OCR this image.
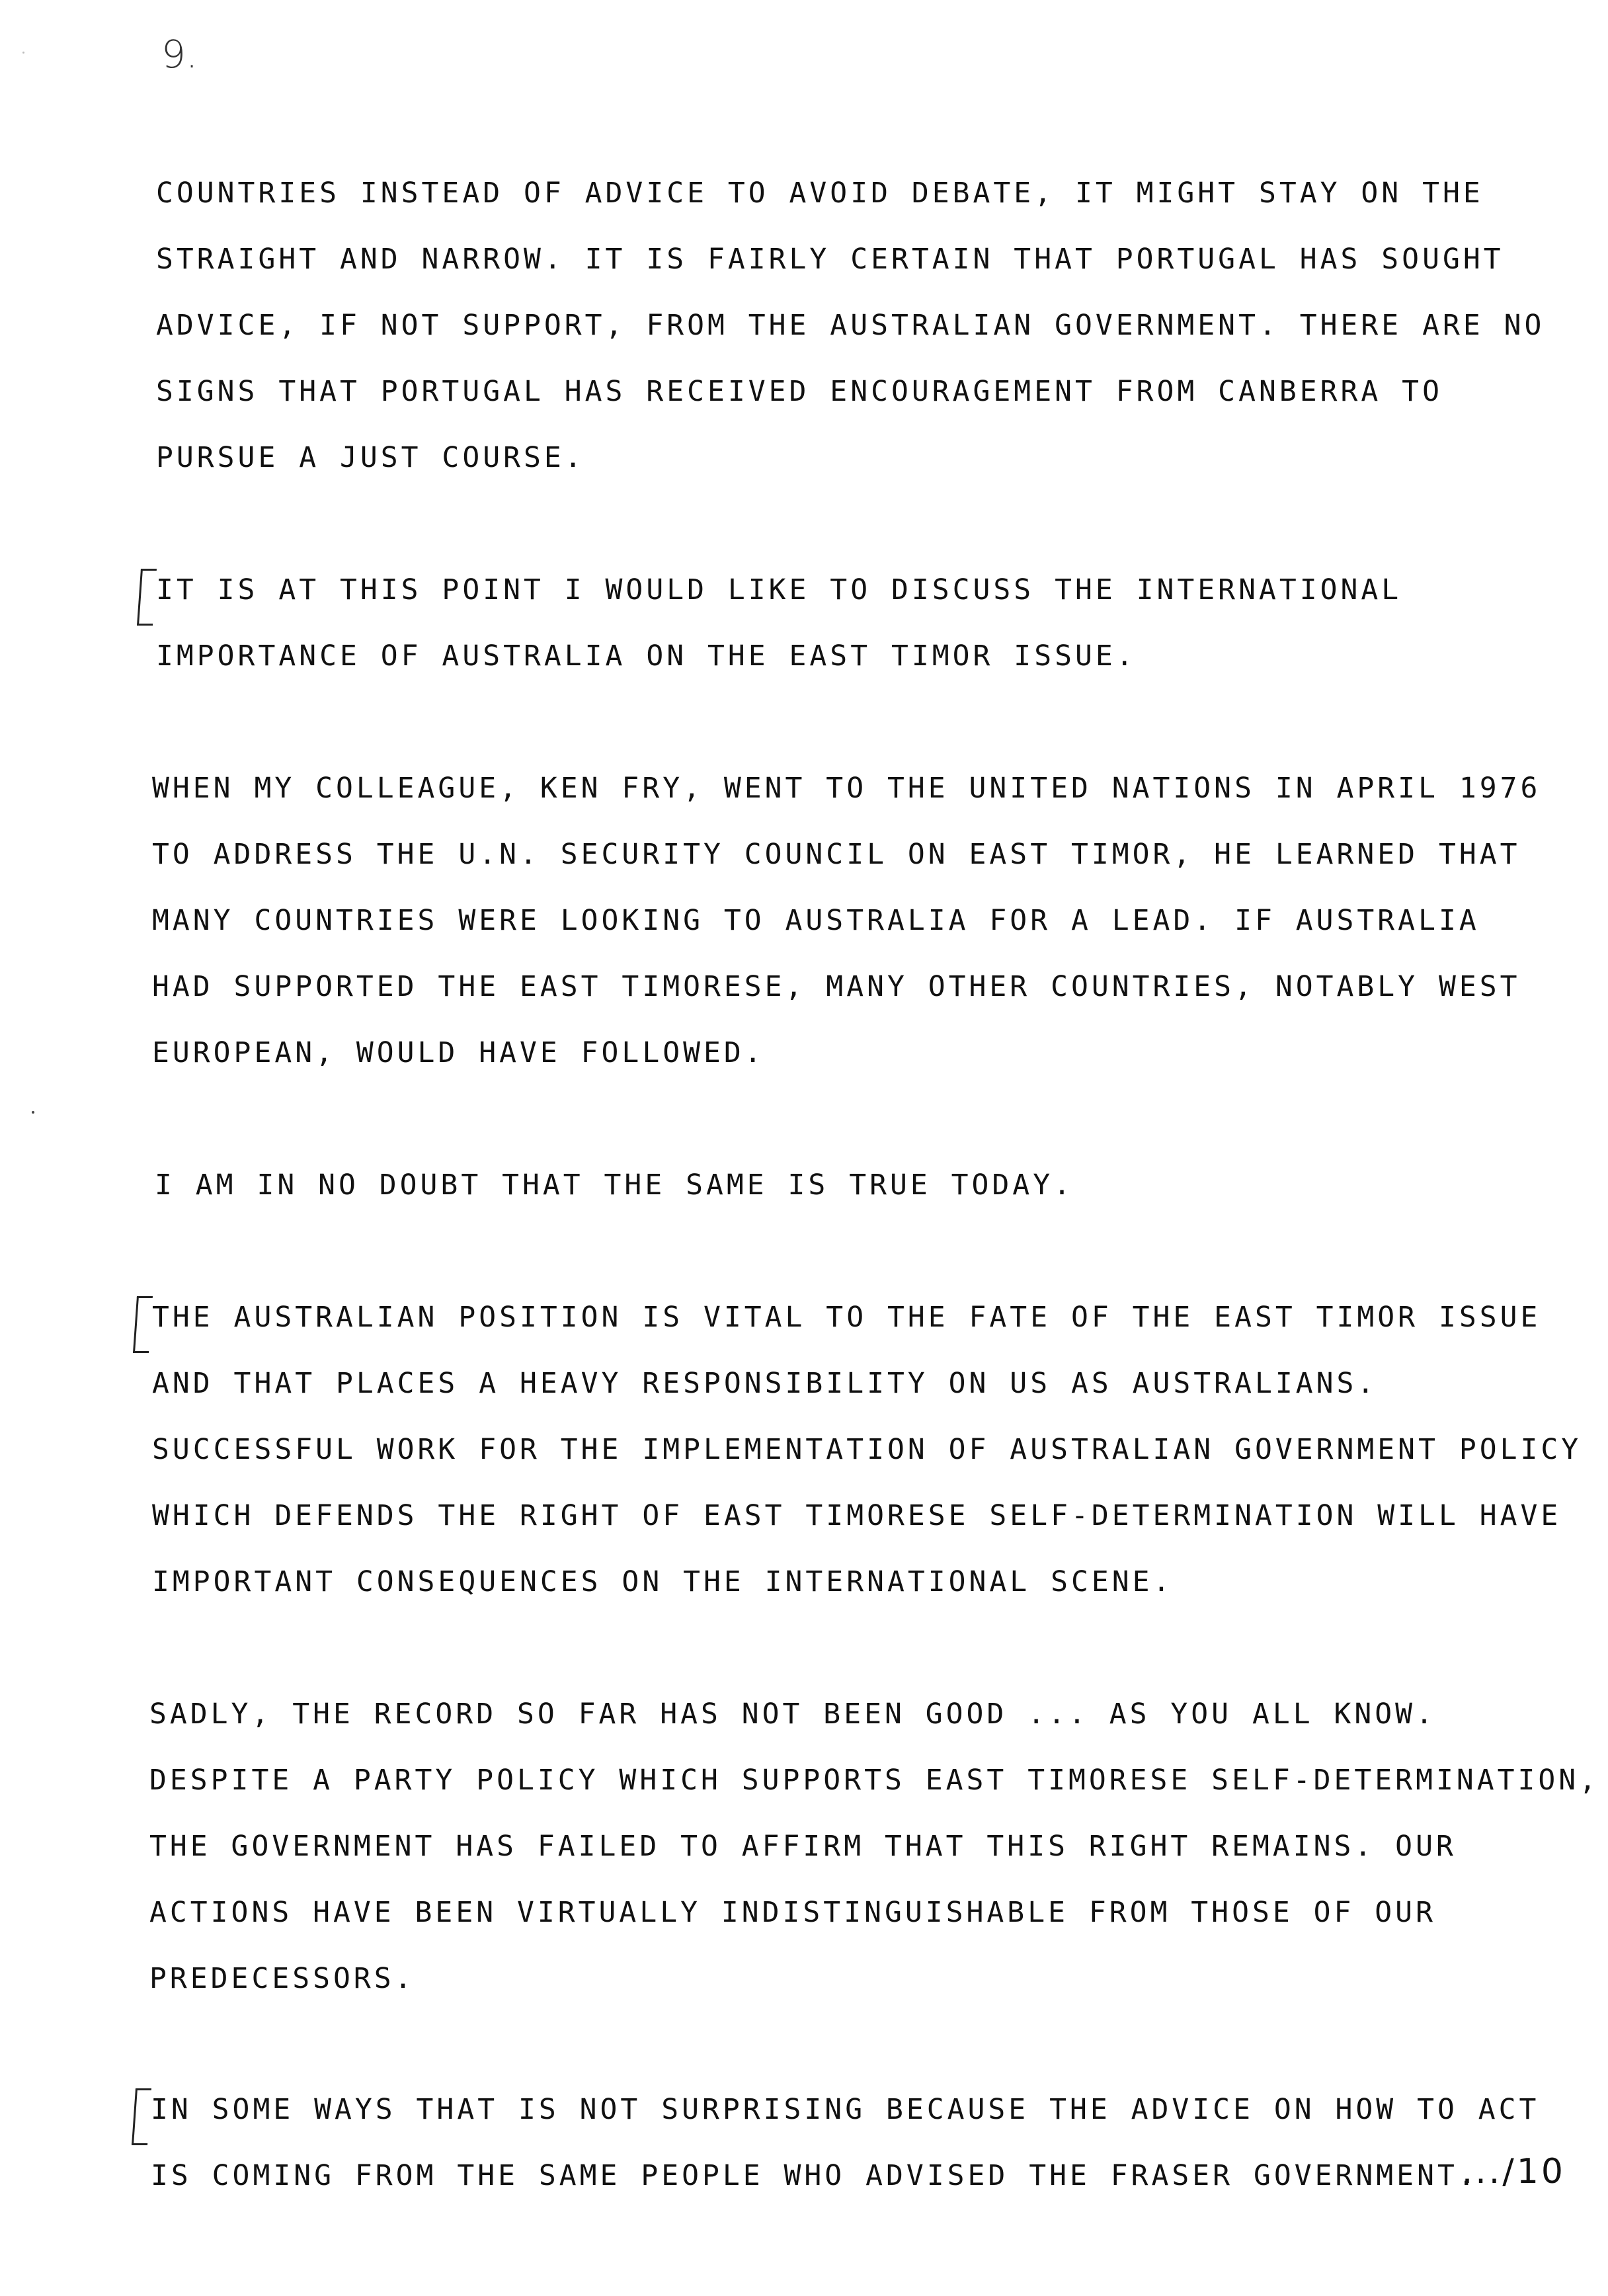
9.
COUNTRIES INSTEAD OF ADVICE TO AVOID DEBATE, IT MIGHT STAY ON THE
STRAIGHT AND NARROW. IT IS FAIRLY CERTAIN THAT PORTUGAL HAS SOUGHT
ADVICE, IF NOT SUPPORT, FROM THE AUSTRALIAN GOVERNMENT. THERE ARE NO
SIGNS THAT PORTUGAL HAS RECEIVED ENCOURAGEMENT FROM CANBERRA TO
PURSUE A JUST COURSE.
IT IS AT THIS POINT I WOULD LIKE TO DISCUSS THE INTERNATIONAL
IMPORTANCE OF AUSTRALIA ON THE EAST TIMOR ISSUE.
WHEN MY COLLEAGUE, KEN FRY, WENT TO THE UNITED NATIONS IN APRIL 1976
TO ADDRESS THE U.N. SECURITY COUNCIL ON EAST TIMOR, HE LEARNED THAT
MANY COUNTRIES WERE LOOKING TO AUSTRALIA FOR A LEAD. IF AUSTRALIA
HAD SUPPORTED THE EAST TIMORESE, MANY OTHER COUNTRIES, NOTABLY WEST
EUROPEAN, WOULD HAVE FOLLOWED.
I AM IN NO DOUBT THAT THE SAME IS TRUE TODAY.
THE AUSTRALIAN POSITION IS VITAL TO THE FATE OF THE EAST TIMOR ISSUE
AND THAT PLACES A HEAVY RESPONSIBILITY ON US AS AUSTRALIANS.
SUCCESSFUL WORK FOR THE IMPLEMENTATION OF AUSTRALIAN GOVERNMENT POLICY
WHICH DEFENDS THE RIGHT OF EAST TIMORESE SELF-DETERMINATION WILL HAVE
IMPORTANT CONSEQUENCES ON THE INTERNATIONAL SCENE.
SADLY, THE RECORD SO FAR HAS NOT BEEN GOOD ... AS YOU ALL KNOW.
DESPITE A PARTY POLICY WHICH SUPPORTS EAST TIMORESE SELF-DETERMINATION,
THE GOVERNMENT HAS FAILED TO AFFIRM THAT THIS RIGHT REMAINS. OUR
ACTIONS HAVE BEEN VIRTUALLY INDISTINGUISHABLE FROM THOSE OF OUR
PREDECESSORS.
IN SOME WAYS THAT IS NOT SURPRISING BECAUSE THE ADVICE ON HOW TO ACT
IS COMING FROM THE SAME PEOPLE WHO ADVISED THE FRASER GOVERNMENT.
.../10
